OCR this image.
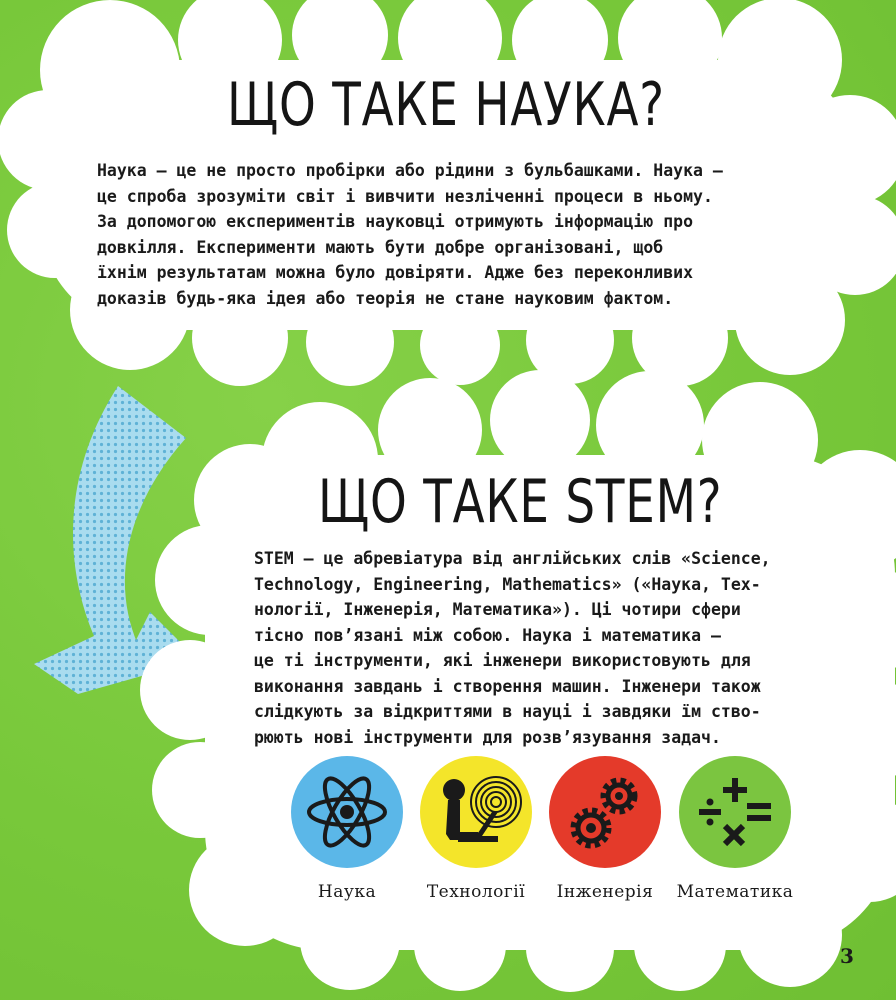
ЩО ТАКЕ НАУКА?
Наука — це не просто пробірки або рідини з бульбашками. Наука —
це спроба зрозуміти світ і вивчити незліченні процеси в ньому.
За допомогою експериментів науковці отримують інформацію про
довкілля. Експерименти мають бути добре організовані, щоб
їхнім результатам можна було довіряти. Адже без переконливих
доказів будь-яка ідея або теорія не стане науковим фактом.
ЩО ТАКЕ STEM?
STEM — це абревіатура від англійських слів «Science,
Technology, Engineering, Mathematics» («Наука, Тех-
нології, Інженерія, Математика»). Ці чотири сфери
тісно пов’язані між собою. Наука і математика —
це ті інструменти, які інженери використовують для
виконання завдань і створення машин. Інженери також
слідкують за відкриттями в науці і завдяки їм ство-
рюють нові інструменти для розв’язування задач.
Наука	Технології	Інженерія	Математика
3
